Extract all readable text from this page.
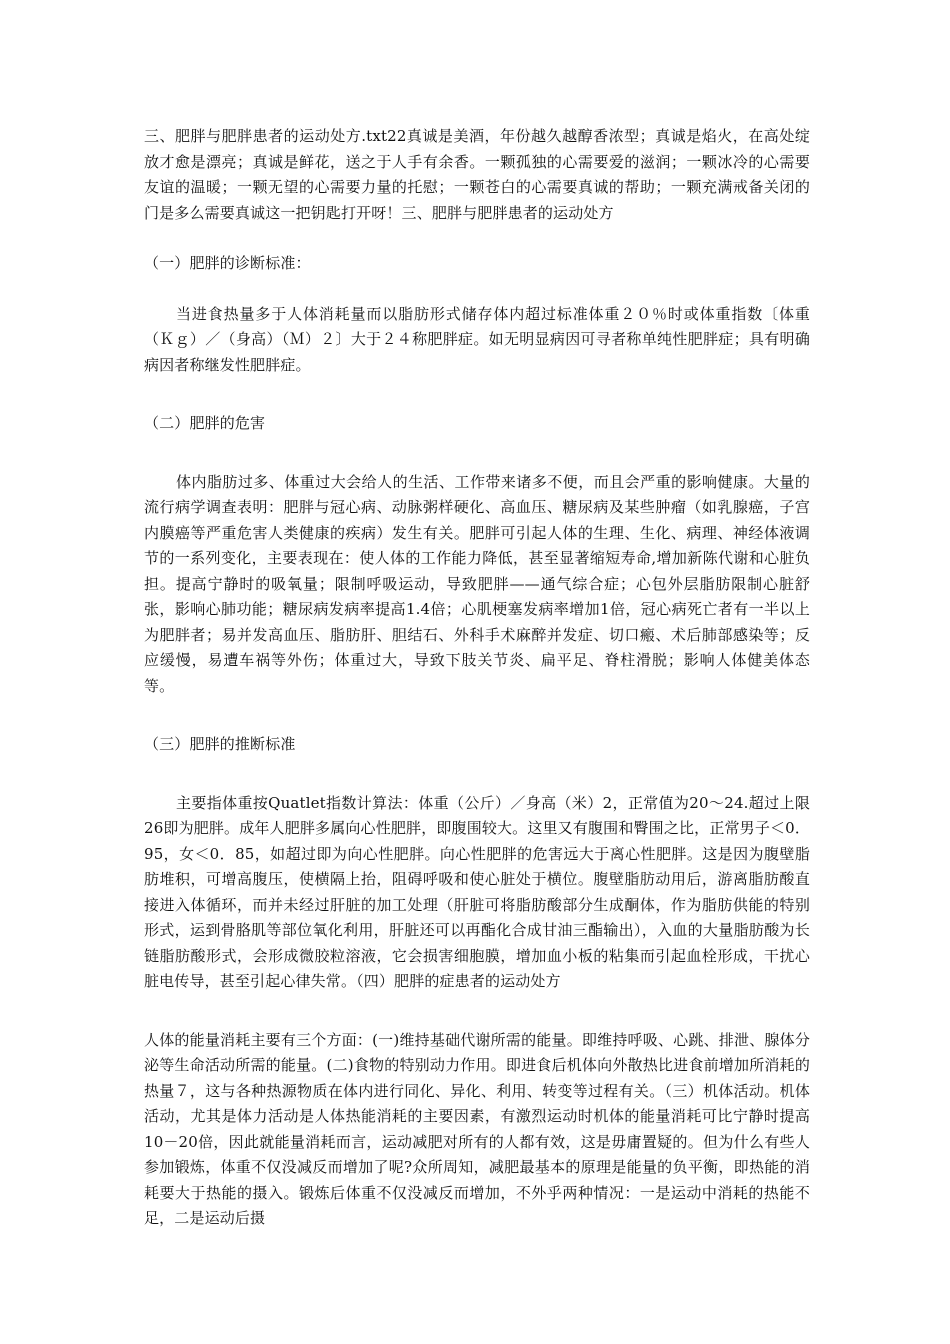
三、肥胖与肥胖患者的运动处方.txt22真诚是美酒，年份越久越醇香浓型；真诚是焰火，在高处绽放才愈是漂亮；真诚是鲜花，送之于人手有余香。一颗孤独的心需要爱的滋润；一颗冰冷的心需要友谊的温暖；一颗无望的心需要力量的托慰；一颗苍白的心需要真诚的帮助；一颗充满戒备关闭的门是多么需要真诚这一把钥匙打开呀！三、肥胖与肥胖患者的运动处方

（一）肥胖的诊断标准：

当进食热量多于人体消耗量而以脂肪形式储存体内超过标准体重２０％时或体重指数〔体重（Ｋｇ）／（身高）（Ｍ）２〕大于２４称肥胖症。如无明显病因可寻者称单纯性肥胖症；具有明确病因者称继发性肥胖症。

（二）肥胖的危害

体内脂肪过多、体重过大会给人的生活、工作带来诸多不便，而且会严重的影响健康。大量的流行病学调查表明：肥胖与冠心病、动脉粥样硬化、高血压、糖尿病及某些肿瘤（如乳腺癌，子宫内膜癌等严重危害人类健康的疾病）发生有关。肥胖可引起人体的生理、生化、病理、神经体液调节的一系列变化，主要表现在：使人体的工作能力降低，甚至显著缩短寿命,增加新陈代谢和心脏负担。提高宁静时的吸氧量；限制呼吸运动，导致肥胖——通气综合症；心包外层脂肪限制心脏舒张，影响心肺功能；糖尿病发病率提高1.4倍；心肌梗塞发病率增加1倍，冠心病死亡者有一半以上为肥胖者；易并发高血压、脂肪肝、胆结石、外科手术麻醉并发症、切口瘢、术后肺部感染等；反应缓慢，易遭车祸等外伤；体重过大，导致下肢关节炎、扁平足、脊柱滑脱；影响人体健美体态等。

（三）肥胖的推断标准

主要指体重按Quatlet指数计算法：体重（公斤）／身高（米）2，正常值为20～24.超过上限26即为肥胖。成年人肥胖多属向心性肥胖，即腹围较大。这里又有腹围和臀围之比，正常男子＜0．95，女＜0．85，如超过即为向心性肥胖。向心性肥胖的危害远大于离心性肥胖。这是因为腹壁脂肪堆积，可增高腹压，使横隔上抬，阻碍呼吸和使心脏处于横位。腹壁脂肪动用后，游离脂肪酸直接进入体循环，而并未经过肝脏的加工处理（肝脏可将脂肪酸部分生成酮体，作为脂肪供能的特别形式，运到骨胳肌等部位氧化利用，肝脏还可以再酯化合成甘油三酯输出），入血的大量脂肪酸为长链脂肪酸形式，会形成微胶粒溶液，它会损害细胞膜，增加血小板的粘集而引起血栓形成，干扰心脏电传导，甚至引起心律失常。（四）肥胖的症患者的运动处方

人体的能量消耗主要有三个方面：(一)维持基础代谢所需的能量。即维持呼吸、心跳、排泄、腺体分泌等生命活动所需的能量。(二)食物的特别动力作用。即进食后机体向外散热比进食前增加所消耗的热量７，这与各种热源物质在体内进行同化、异化、利用、转变等过程有关。（三）机体活动。机体活动，尤其是体力活动是人体热能消耗的主要因素，有激烈运动时机体的能量消耗可比宁静时提高10－20倍，因此就能量消耗而言，运动减肥对所有的人都有效，这是毋庸置疑的。但为什么有些人参加锻炼，体重不仅没减反而增加了呢?众所周知，减肥最基本的原理是能量的负平衡，即热能的消耗要大于热能的摄入。锻炼后体重不仅没减反而增加，不外乎两种情况：一是运动中消耗的热能不足，二是运动后摄
